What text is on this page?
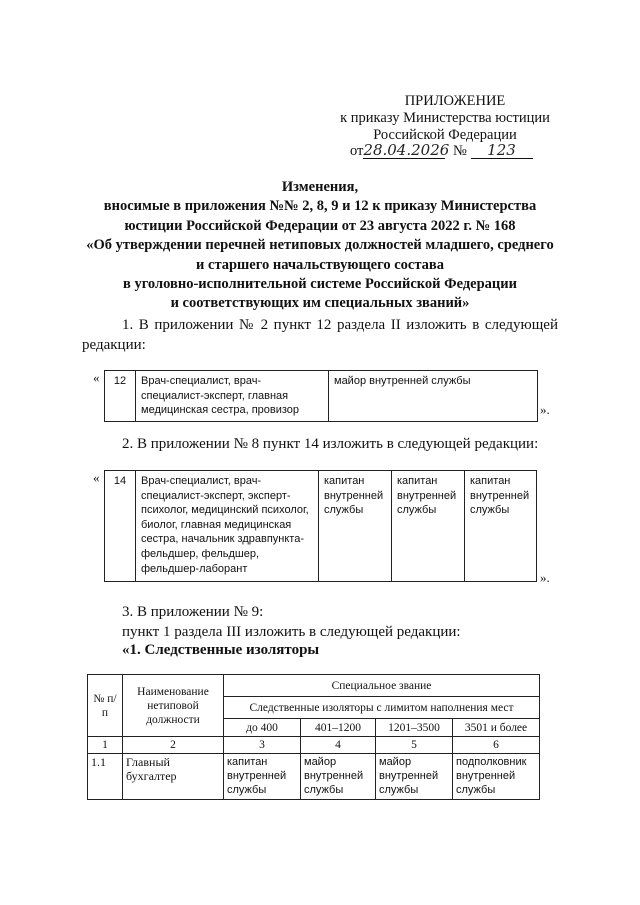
ПРИЛОЖЕНИЕ
к приказу Министерства юстиции
Российской Федерации
от28.04.2026 № 123
Изменения,
вносимые в приложения №№ 2, 8, 9 и 12 к приказу Министерства
юстиции Российской Федерации от 23 августа 2022 г. № 168
«Об утверждении перечней нетиповых должностей младшего, среднего
и старшего начальствующего состава
в уголовно-исполнительной системе Российской Федерации
и соответствующих им специальных званий»
1. В приложении № 2 пункт 12 раздела II изложить в следующей
редакции:
« 12	Врач-специалист, врач-специалист-эксперт, главная медицинская сестра, провизор	майор внутренней службы
».
2. В приложении № 8 пункт 14 изложить в следующей редакции:
« 14	Врач-специалист, врач-специалист-эксперт, эксперт-психолог, медицинский психолог, биолог, главная медицинская сестра, начальник здравпункта-фельдшер, фельдшер, фельдшер-лаборант	капитан внутренней службы	капитан внутренней службы	капитан внутренней службы
».
3. В приложении № 9:
пункт 1 раздела III изложить в следующей редакции:
«1. Следственные изоляторы
№ п/п	Наименование нетиповой должности	Специальное звание			
		Следственные изоляторы с лимитом наполнения мест			
		до 400	401–1200	1201–3500	3501 и более
1	2	3	4	5	6
1.1	Главный бухгалтер	капитан внутренней службы	майор внутренней службы	майор внутренней службы	подполковник внутренней службы
